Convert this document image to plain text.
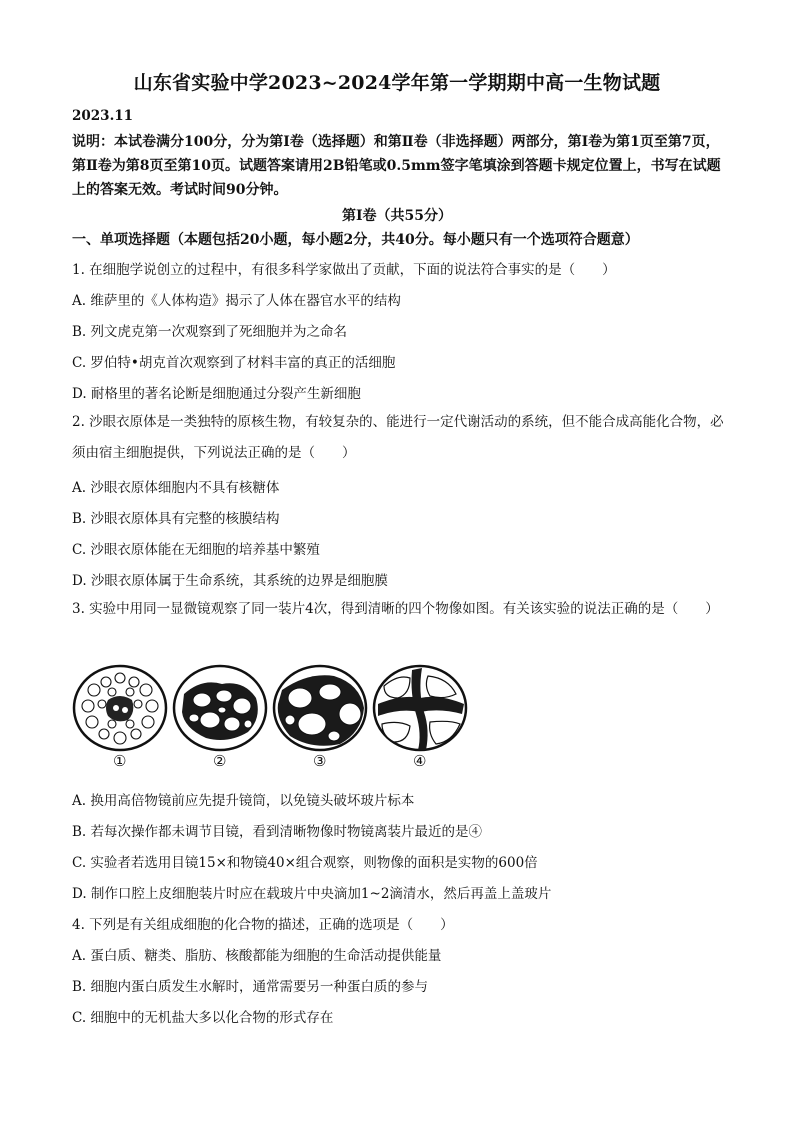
山东省实验中学2023~2024学年第一学期期中高一生物试题
2023.11
说明：本试卷满分100分，分为第Ⅰ卷（选择题）和第Ⅱ卷（非选择题）两部分，第Ⅰ卷为第1页至第7页，第Ⅱ卷为第8页至第10页。试题答案请用2B铅笔或0.5mm签字笔填涂到答题卡规定位置上，书写在试题上的答案无效。考试时间90分钟。
第Ⅰ卷（共55分）
一、单项选择题（本题包括20小题，每小题2分，共40分。每小题只有一个选项符合题意）
1. 在细胞学说创立的过程中，有很多科学家做出了贡献，下面的说法符合事实的是（　　）
A. 维萨里的《人体构造》揭示了人体在器官水平的结构
B. 列文虎克第一次观察到了死细胞并为之命名
C. 罗伯特•胡克首次观察到了材料丰富的真正的活细胞
D. 耐格里的著名论断是细胞通过分裂产生新细胞
2. 沙眼衣原体是一类独特的原核生物，有较复杂的、能进行一定代谢活动的系统，但不能合成高能化合物，必须由宿主细胞提供，下列说法正确的是（　　）
A. 沙眼衣原体细胞内不具有核糖体
B. 沙眼衣原体具有完整的核膜结构
C. 沙眼衣原体能在无细胞的培养基中繁殖
D. 沙眼衣原体属于生命系统，其系统的边界是细胞膜
3. 实验中用同一显微镜观察了同一装片4次，得到清晰的四个物像如图。有关该实验的说法正确的是（　　）
①	②	③	④
A. 换用高倍物镜前应先提升镜筒，以免镜头破坏玻片标本
B. 若每次操作都未调节目镜，看到清晰物像时物镜离装片最近的是④
C. 实验者若选用目镜15×和物镜40×组合观察，则物像的面积是实物的600倍
D. 制作口腔上皮细胞装片时应在载玻片中央滴加1~2滴清水，然后再盖上盖玻片
4. 下列是有关组成细胞的化合物的描述，正确的选项是（　　）
A. 蛋白质、糖类、脂肪、核酸都能为细胞的生命活动提供能量
B. 细胞内蛋白质发生水解时，通常需要另一种蛋白质的参与
C. 细胞中的无机盐大多以化合物的形式存在
